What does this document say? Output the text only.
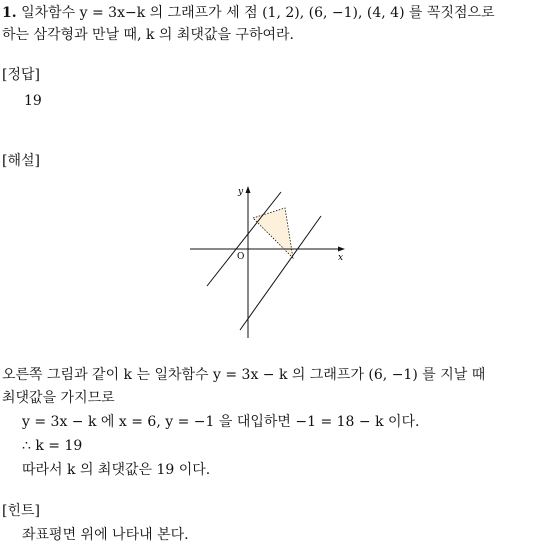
1. 일차함수 y = 3x−k 의 그래프가 세 점 (1, 2), (6, −1), (4, 4) 를 꼭짓점으로
하는 삼각형과 만날 때, k 의 최댓값을 구하여라.
[정답]
19
[해설]
y
x
O
오른쪽 그림과 같이 k 는 일차함수 y = 3x − k 의 그래프가 (6, −1) 를 지날 때
최댓값을 가지므로
y = 3x − k 에 x = 6, y = −1 을 대입하면 −1 = 18 − k 이다.
∴ k = 19
따라서 k 의 최댓값은 19 이다.
[힌트]
좌표평면 위에 나타내 본다.
